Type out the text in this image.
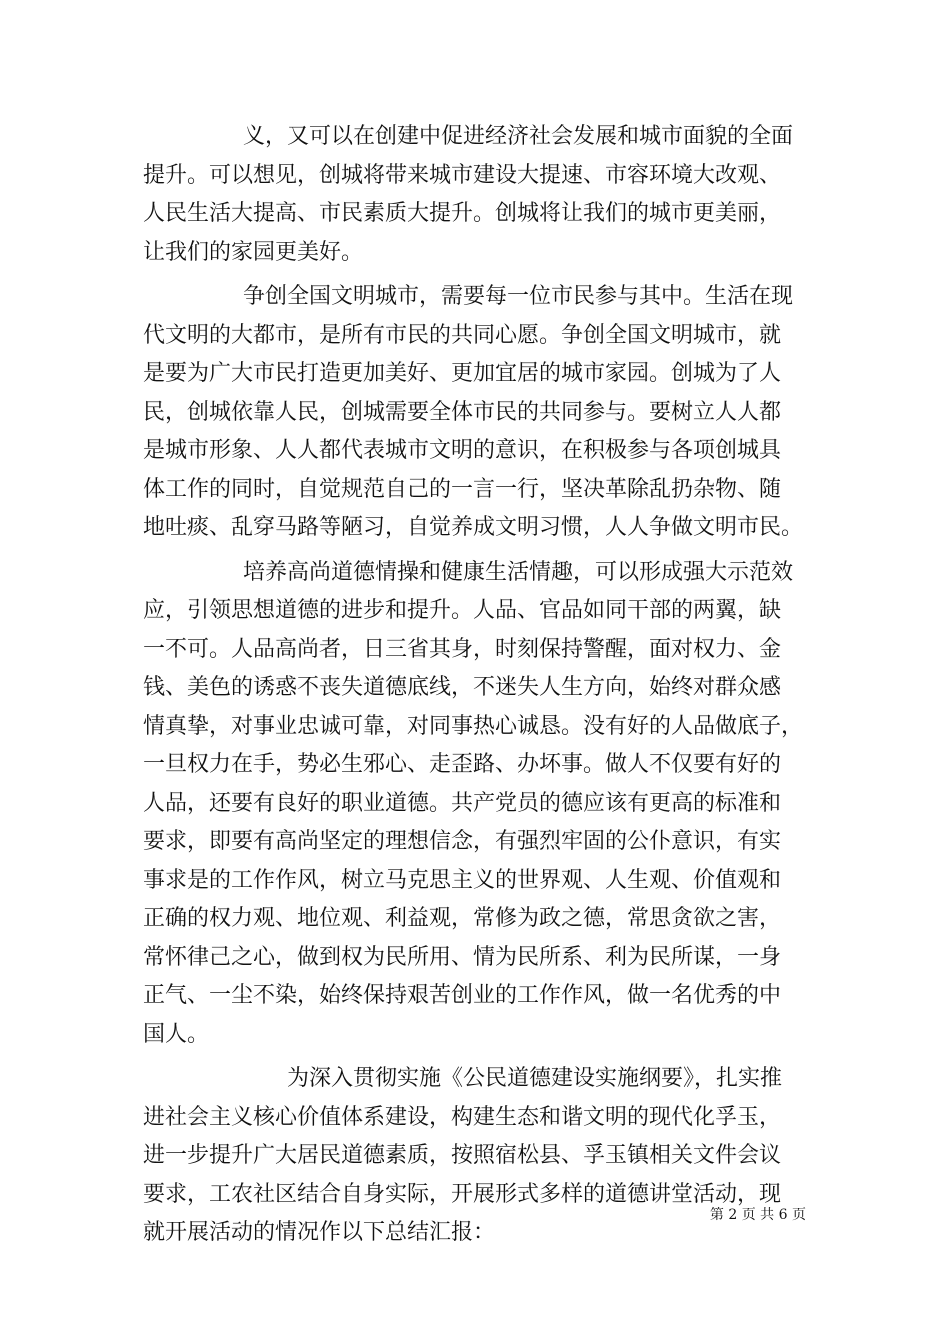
义，又可以在创建中促进经济社会发展和城市面貌的全面
提升。可以想见，创城将带来城市建设大提速、市容环境大改观、
人民生活大提高、市民素质大提升。创城将让我们的城市更美丽，
让我们的家园更美好。
争创全国文明城市，需要每一位市民参与其中。生活在现
代文明的大都市，是所有市民的共同心愿。争创全国文明城市，就
是要为广大市民打造更加美好、更加宜居的城市家园。创城为了人
民，创城依靠人民，创城需要全体市民的共同参与。要树立人人都
是城市形象、人人都代表城市文明的意识，在积极参与各项创城具
体工作的同时，自觉规范自己的一言一行，坚决革除乱扔杂物、随
地吐痰、乱穿马路等陋习，自觉养成文明习惯，人人争做文明市民。
培养高尚道德情操和健康生活情趣，可以形成强大示范效
应，引领思想道德的进步和提升。人品、官品如同干部的两翼，缺
一不可。人品高尚者，日三省其身，时刻保持警醒，面对权力、金
钱、美色的诱惑不丧失道德底线，不迷失人生方向，始终对群众感
情真挚，对事业忠诚可靠，对同事热心诚恳。没有好的人品做底子，
一旦权力在手，势必生邪心、走歪路、办坏事。做人不仅要有好的
人品，还要有良好的职业道德。共产党员的德应该有更高的标准和
要求，即要有高尚坚定的理想信念，有强烈牢固的公仆意识，有实
事求是的工作作风，树立马克思主义的世界观、人生观、价值观和
正确的权力观、地位观、利益观，常修为政之德，常思贪欲之害，
常怀律己之心，做到权为民所用、情为民所系、利为民所谋，一身
正气、一尘不染，始终保持艰苦创业的工作作风，做一名优秀的中
国人。
为深入贯彻实施《公民道德建设实施纲要》，扎实推
进社会主义核心价值体系建设，构建生态和谐文明的现代化孚玉，
进一步提升广大居民道德素质，按照宿松县、孚玉镇相关文件会议
要求，工农社区结合自身实际，开展形式多样的道德讲堂活动，现
就开展活动的情况作以下总结汇报：
第 2 页 共 6 页
